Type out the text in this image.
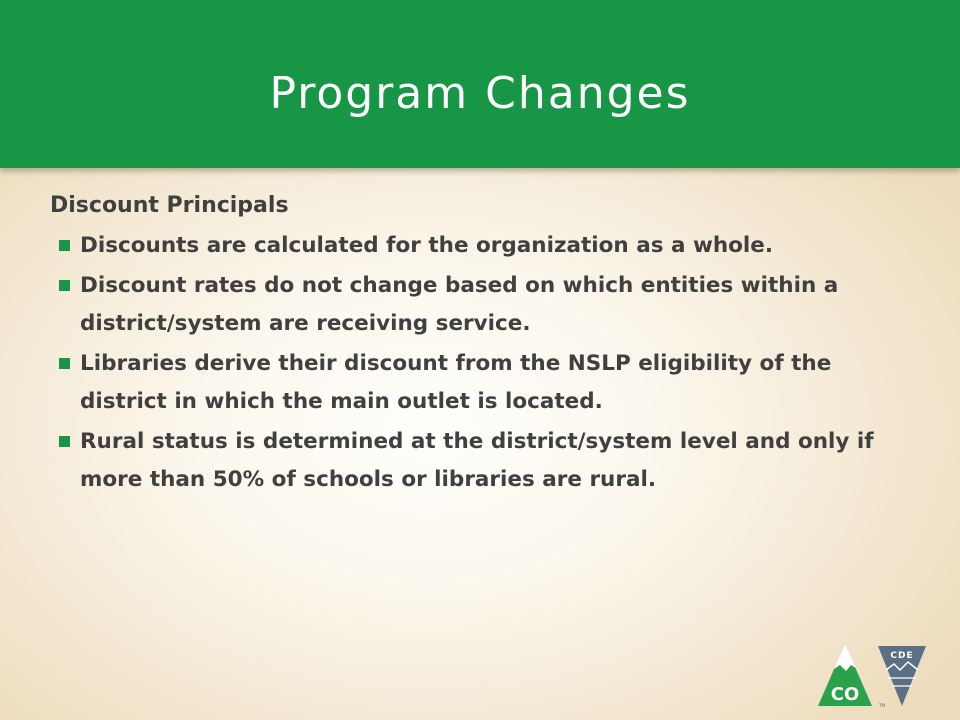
Program Changes
Discount Principals
Discounts are calculated for the organization as a whole.
Discount rates do not change based on which entities within a district/system are receiving service.
Libraries derive their discount from the NSLP eligibility of the district in which the main outlet is located.
Rural status is determined at the district/system level and only if more than 50% of schools or libraries are rural.
CO
CDE
TM
